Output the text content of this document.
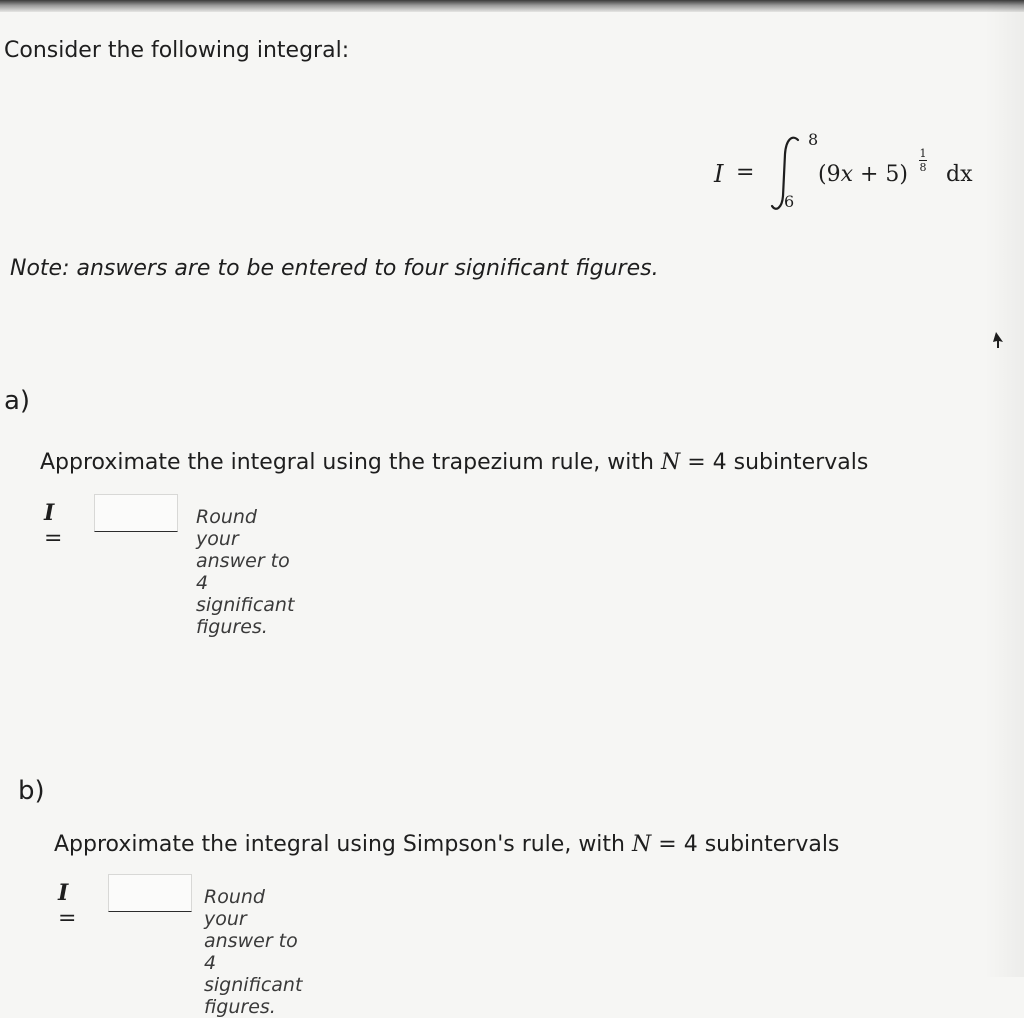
Consider the following integral:
I =
8
6
(9x + 5)
1
8 dx
Note: answers are to be entered to four significant figures.
a)
Approximate the integral using the trapezium rule, with N = 4 subintervals
I =
Round your answer to 4 significant figures.
b)
Approximate the integral using Simpson's rule, with N = 4 subintervals
I =
Round your answer to 4 significant figures.
